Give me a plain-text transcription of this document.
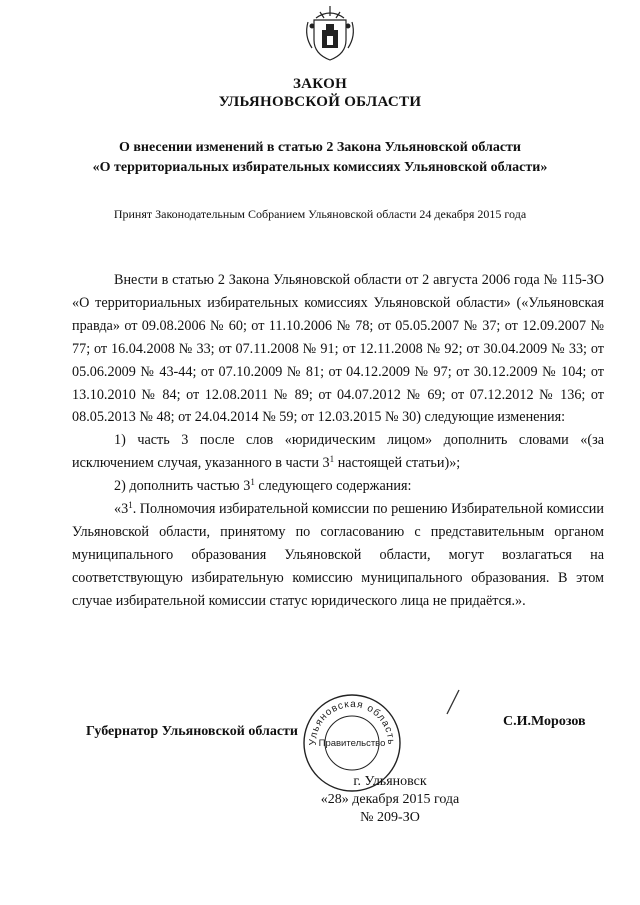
ЗАКОН
УЛЬЯНОВСКОЙ ОБЛАСТИ
О внесении изменений в статью 2 Закона Ульяновской области
«О территориальных избирательных комиссиях Ульяновской области»
Принят Законодательным Собранием Ульяновской области 24 декабря 2015 года

Внести в статью 2 Закона Ульяновской области от 2 августа 2006 года № 115-ЗО «О территориальных избирательных комиссиях Ульяновской области» («Ульяновская правда» от 09.08.2006 № 60; от 11.10.2006 № 78; от 05.05.2007 № 37; от 12.09.2007 № 77; от 16.04.2008 № 33; от 07.11.2008 № 91; от 12.11.2008 № 92; от 30.04.2009 № 33; от 05.06.2009 № 43-44; от 07.10.2009 № 81; от 04.12.2009 № 97; от 30.12.2009 № 104; от 13.10.2010 № 84; от 12.08.2011 № 89; от 04.07.2012 № 69; от 07.12.2012 № 136; от 08.05.2013 № 48; от 24.04.2014 № 59; от 12.03.2015 № 30) следующие изменения:

1) часть 3 после слов «юридическим лицом» дополнить словами «(за исключением случая, указанного в части $3^1$ настоящей статьи)»;

2) дополнить частью $3^1$ следующего содержания:

«$3^1$. Полномочия избирательной комиссии по решению Избирательной комиссии Ульяновской области, принятому по согласованию с представительным органом муниципального образования Ульяновской области, могут возлагаться на соответствующую избирательную комиссию муниципального образования. В этом случае избирательной комиссии статус юридического лица не придаётся.».

Губернатор Ульяновской области
Ульяновская область
Правительство
С.И.Морозов
г. Ульяновск
«28» декабря 2015 года
№ 209-ЗО
